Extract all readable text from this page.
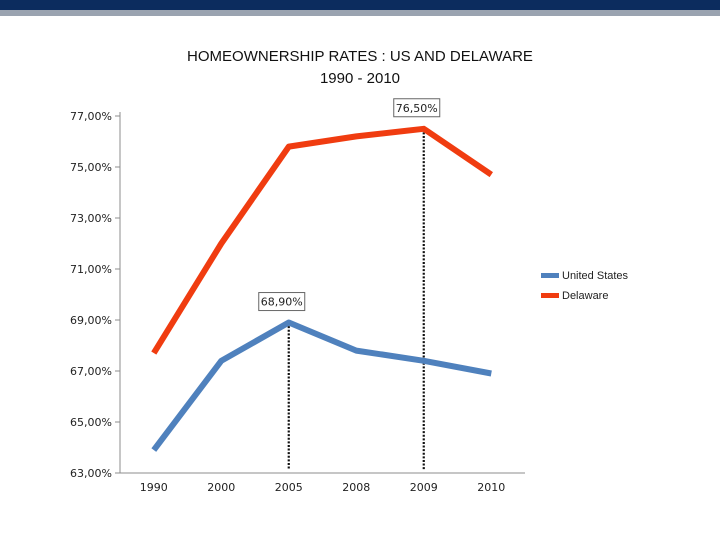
HOMEOWNERSHIP RATES : US AND DELAWARE
1990 - 2010
63,00%
65,00%
67,00%
69,00%
71,00%
73,00%
75,00%
77,00%
1990	2000	2005	2008	2009	2010
68,90%
76,50%
United States
Delaware
